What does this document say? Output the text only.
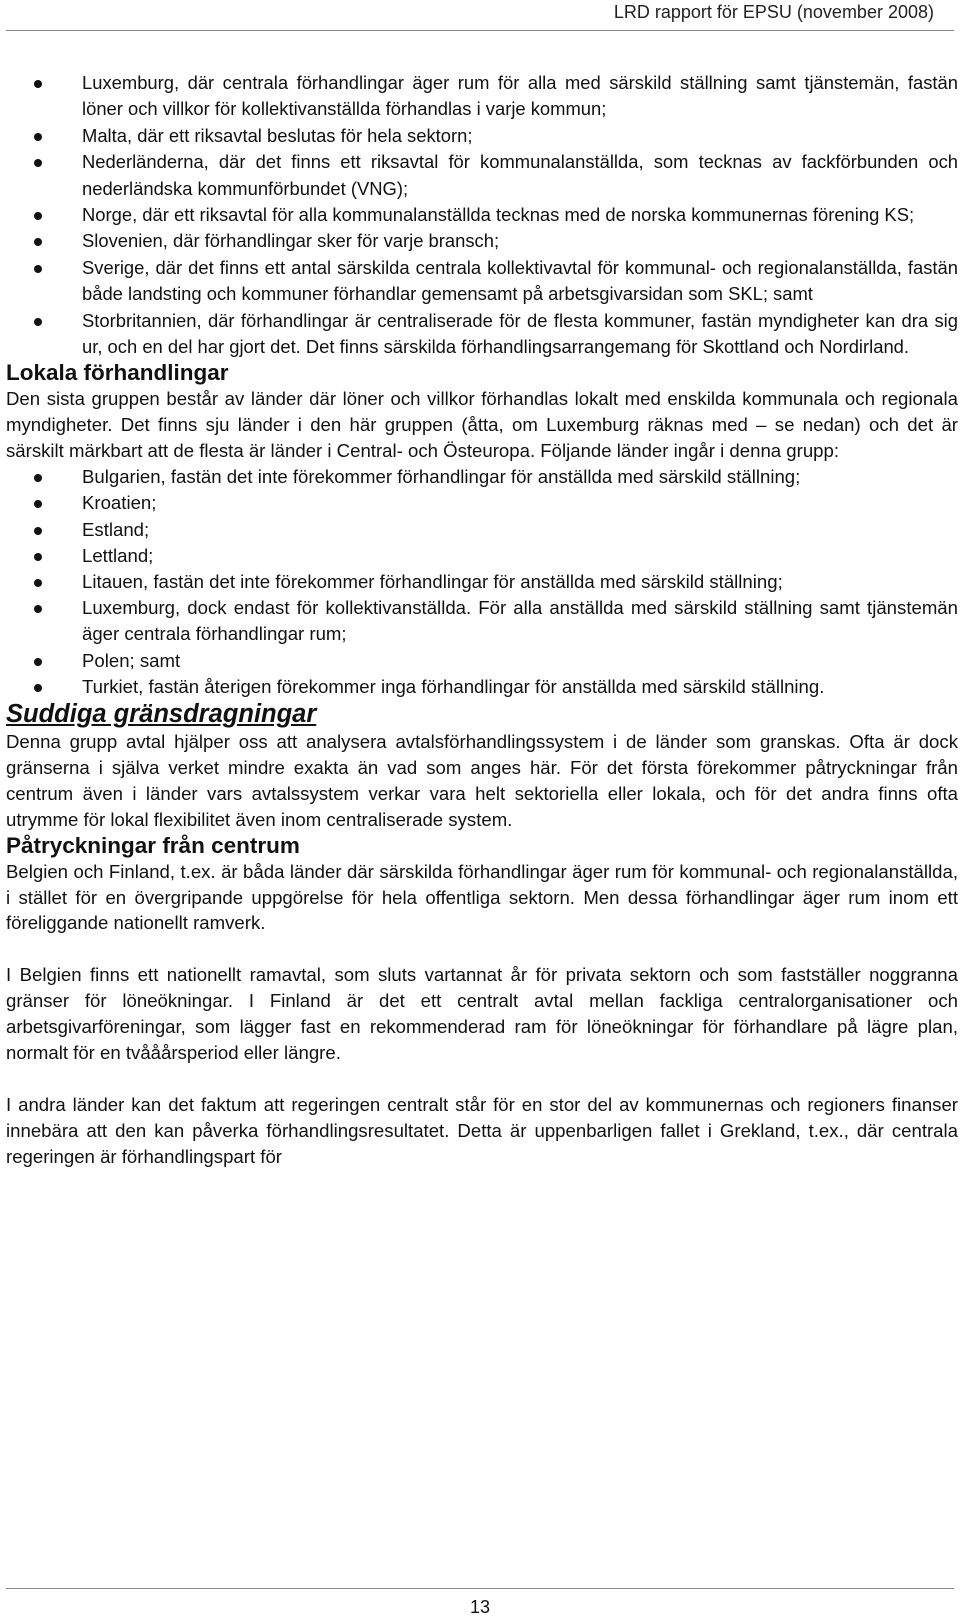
LRD rapport för EPSU (november 2008)
Luxemburg, där centrala förhandlingar äger rum för alla med särskild ställning samt tjänstemän, fastän löner och villkor för kollektivanställda förhandlas i varje kommun;
Malta, där ett riksavtal beslutas för hela sektorn;
Nederländerna, där det finns ett riksavtal för kommunalanställda, som tecknas av fackförbunden och nederländska kommunförbundet (VNG);
Norge, där ett riksavtal för alla kommunalanställda tecknas med de norska kommunernas förening KS;
Slovenien, där förhandlingar sker för varje bransch;
Sverige, där det finns ett antal särskilda centrala kollektivavtal för kommunal- och regionalanställda, fastän både landsting och kommuner förhandlar gemensamt på arbetsgivarsidan som SKL; samt
Storbritannien, där förhandlingar är centraliserade för de flesta kommuner, fastän myndigheter kan dra sig ur, och en del har gjort det. Det finns särskilda förhandlingsarrangemang för Skottland och Nordirland.
Lokala förhandlingar

Den sista gruppen består av länder där löner och villkor förhandlas lokalt med enskilda kommunala och regionala myndigheter. Det finns sju länder i den här gruppen (åtta, om Luxemburg räknas med – se nedan) och det är särskilt märkbart att de flesta är länder i Central- och Östeuropa. Följande länder ingår i denna grupp:

Bulgarien, fastän det inte förekommer förhandlingar för anställda med särskild ställning;
Kroatien;
Estland;
Lettland;
Litauen, fastän det inte förekommer förhandlingar för anställda med särskild ställning;
Luxemburg, dock endast för kollektivanställda. För alla anställda med särskild ställning samt tjänstemän äger centrala förhandlingar rum;
Polen; samt
Turkiet, fastän återigen förekommer inga förhandlingar för anställda med särskild ställning.
Suddiga gränsdragningar

Denna grupp avtal hjälper oss att analysera avtalsförhandlingssystem i de länder som granskas. Ofta är dock gränserna i själva verket mindre exakta än vad som anges här. För det första förekommer påtryckningar från centrum även i länder vars avtalssystem verkar vara helt sektoriella eller lokala, och för det andra finns ofta utrymme för lokal flexibilitet även inom centraliserade system.

Påtryckningar från centrum

Belgien och Finland, t.ex. är båda länder där särskilda förhandlingar äger rum för kommunal- och regionalanställda, i stället för en övergripande uppgörelse för hela offentliga sektorn. Men dessa förhandlingar äger rum inom ett föreliggande nationellt ramverk.

I Belgien finns ett nationellt ramavtal, som sluts vartannat år för privata sektorn och som fastställer noggranna gränser för löneökningar. I Finland är det ett centralt avtal mellan fackliga centralorganisationer och arbetsgivarföreningar, som lägger fast en rekommenderad ram för löneökningar för förhandlare på lägre plan, normalt för en tvååårsperiod eller längre.

I andra länder kan det faktum att regeringen centralt står för en stor del av kommunernas och regioners finanser innebära att den kan påverka förhandlingsresultatet. Detta är uppenbarligen fallet i Grekland, t.ex., där centrala regeringen är förhandlingspart för

13
